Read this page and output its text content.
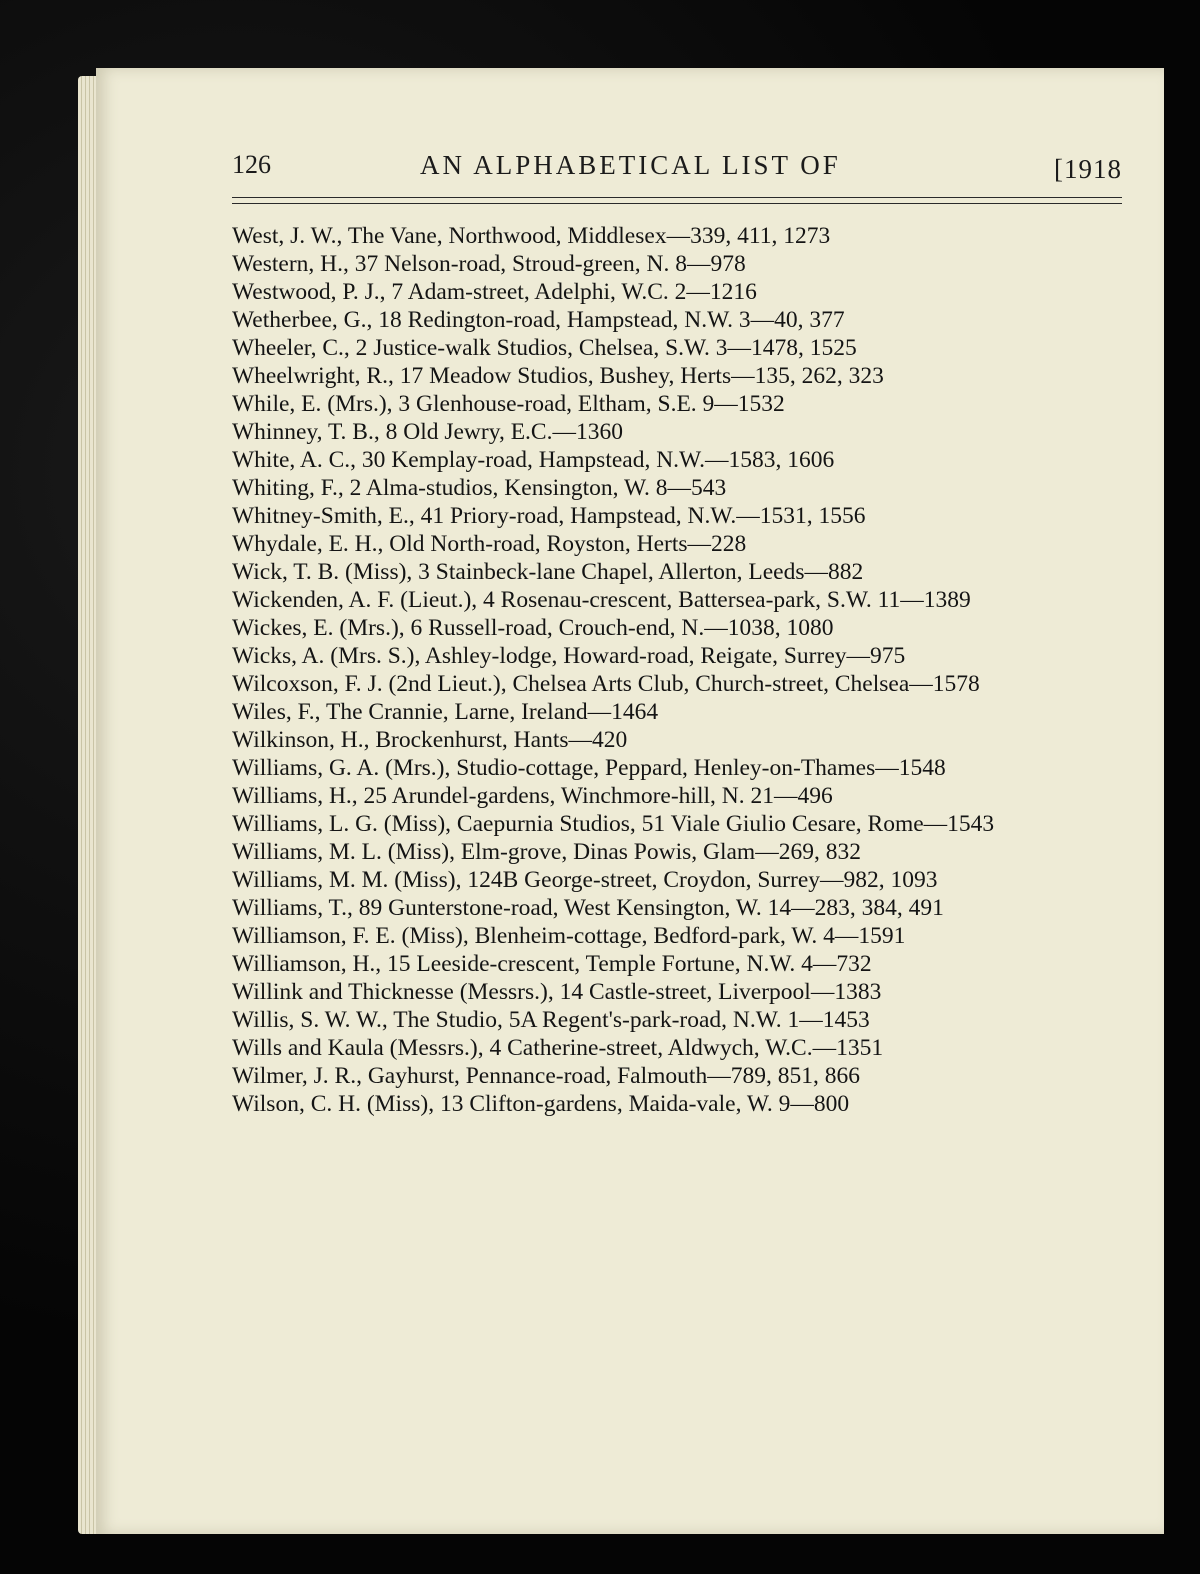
126	AN ALPHABETICAL LIST OF	[1918

West, J. W., The Vane, Northwood, Middlesex—339, 411, 1273

Western, H., 37 Nelson-road, Stroud-green, N. 8—978

Westwood, P. J., 7 Adam-street, Adelphi, W.C. 2—1216

Wetherbee, G., 18 Redington-road, Hampstead, N.W. 3—40, 377

Wheeler, C., 2 Justice-walk Studios, Chelsea, S.W. 3—1478, 1525

Wheelwright, R., 17 Meadow Studios, Bushey, Herts—135, 262, 323

While, E. (Mrs.), 3 Glenhouse-road, Eltham, S.E. 9—1532

Whinney, T. B., 8 Old Jewry, E.C.—1360

White, A. C., 30 Kemplay-road, Hampstead, N.W.—1583, 1606

Whiting, F., 2 Alma-studios, Kensington, W. 8—543

Whitney-Smith, E., 41 Priory-road, Hampstead, N.W.—1531, 1556

Whydale, E. H., Old North-road, Royston, Herts—228

Wick, T. B. (Miss), 3 Stainbeck-lane Chapel, Allerton, Leeds—882

Wickenden, A. F. (Lieut.), 4 Rosenau-crescent, Battersea-park, S.W. 11—1389

Wickes, E. (Mrs.), 6 Russell-road, Crouch-end, N.—1038, 1080

Wicks, A. (Mrs. S.), Ashley-lodge, Howard-road, Reigate, Surrey—975

Wilcoxson, F. J. (2nd Lieut.), Chelsea Arts Club, Church-street, Chelsea—1578

Wiles, F., The Crannie, Larne, Ireland—1464

Wilkinson, H., Brockenhurst, Hants—420

Williams, G. A. (Mrs.), Studio-cottage, Peppard, Henley-on-Thames—1548

Williams, H., 25 Arundel-gardens, Winchmore-hill, N. 21—496

Williams, L. G. (Miss), Caepurnia Studios, 51 Viale Giulio Cesare, Rome—1543

Williams, M. L. (Miss), Elm-grove, Dinas Powis, Glam—269, 832

Williams, M. M. (Miss), 124B George-street, Croydon, Surrey—982, 1093

Williams, T., 89 Gunterstone-road, West Kensington, W. 14—283, 384, 491

Williamson, F. E. (Miss), Blenheim-cottage, Bedford-park, W. 4—1591

Williamson, H., 15 Leeside-crescent, Temple Fortune, N.W. 4—732

Willink and Thicknesse (Messrs.), 14 Castle-street, Liverpool—1383

Willis, S. W. W., The Studio, 5A Regent's-park-road, N.W. 1—1453

Wills and Kaula (Messrs.), 4 Catherine-street, Aldwych, W.C.—1351

Wilmer, J. R., Gayhurst, Pennance-road, Falmouth—789, 851, 866

Wilson, C. H. (Miss), 13 Clifton-gardens, Maida-vale, W. 9—800
